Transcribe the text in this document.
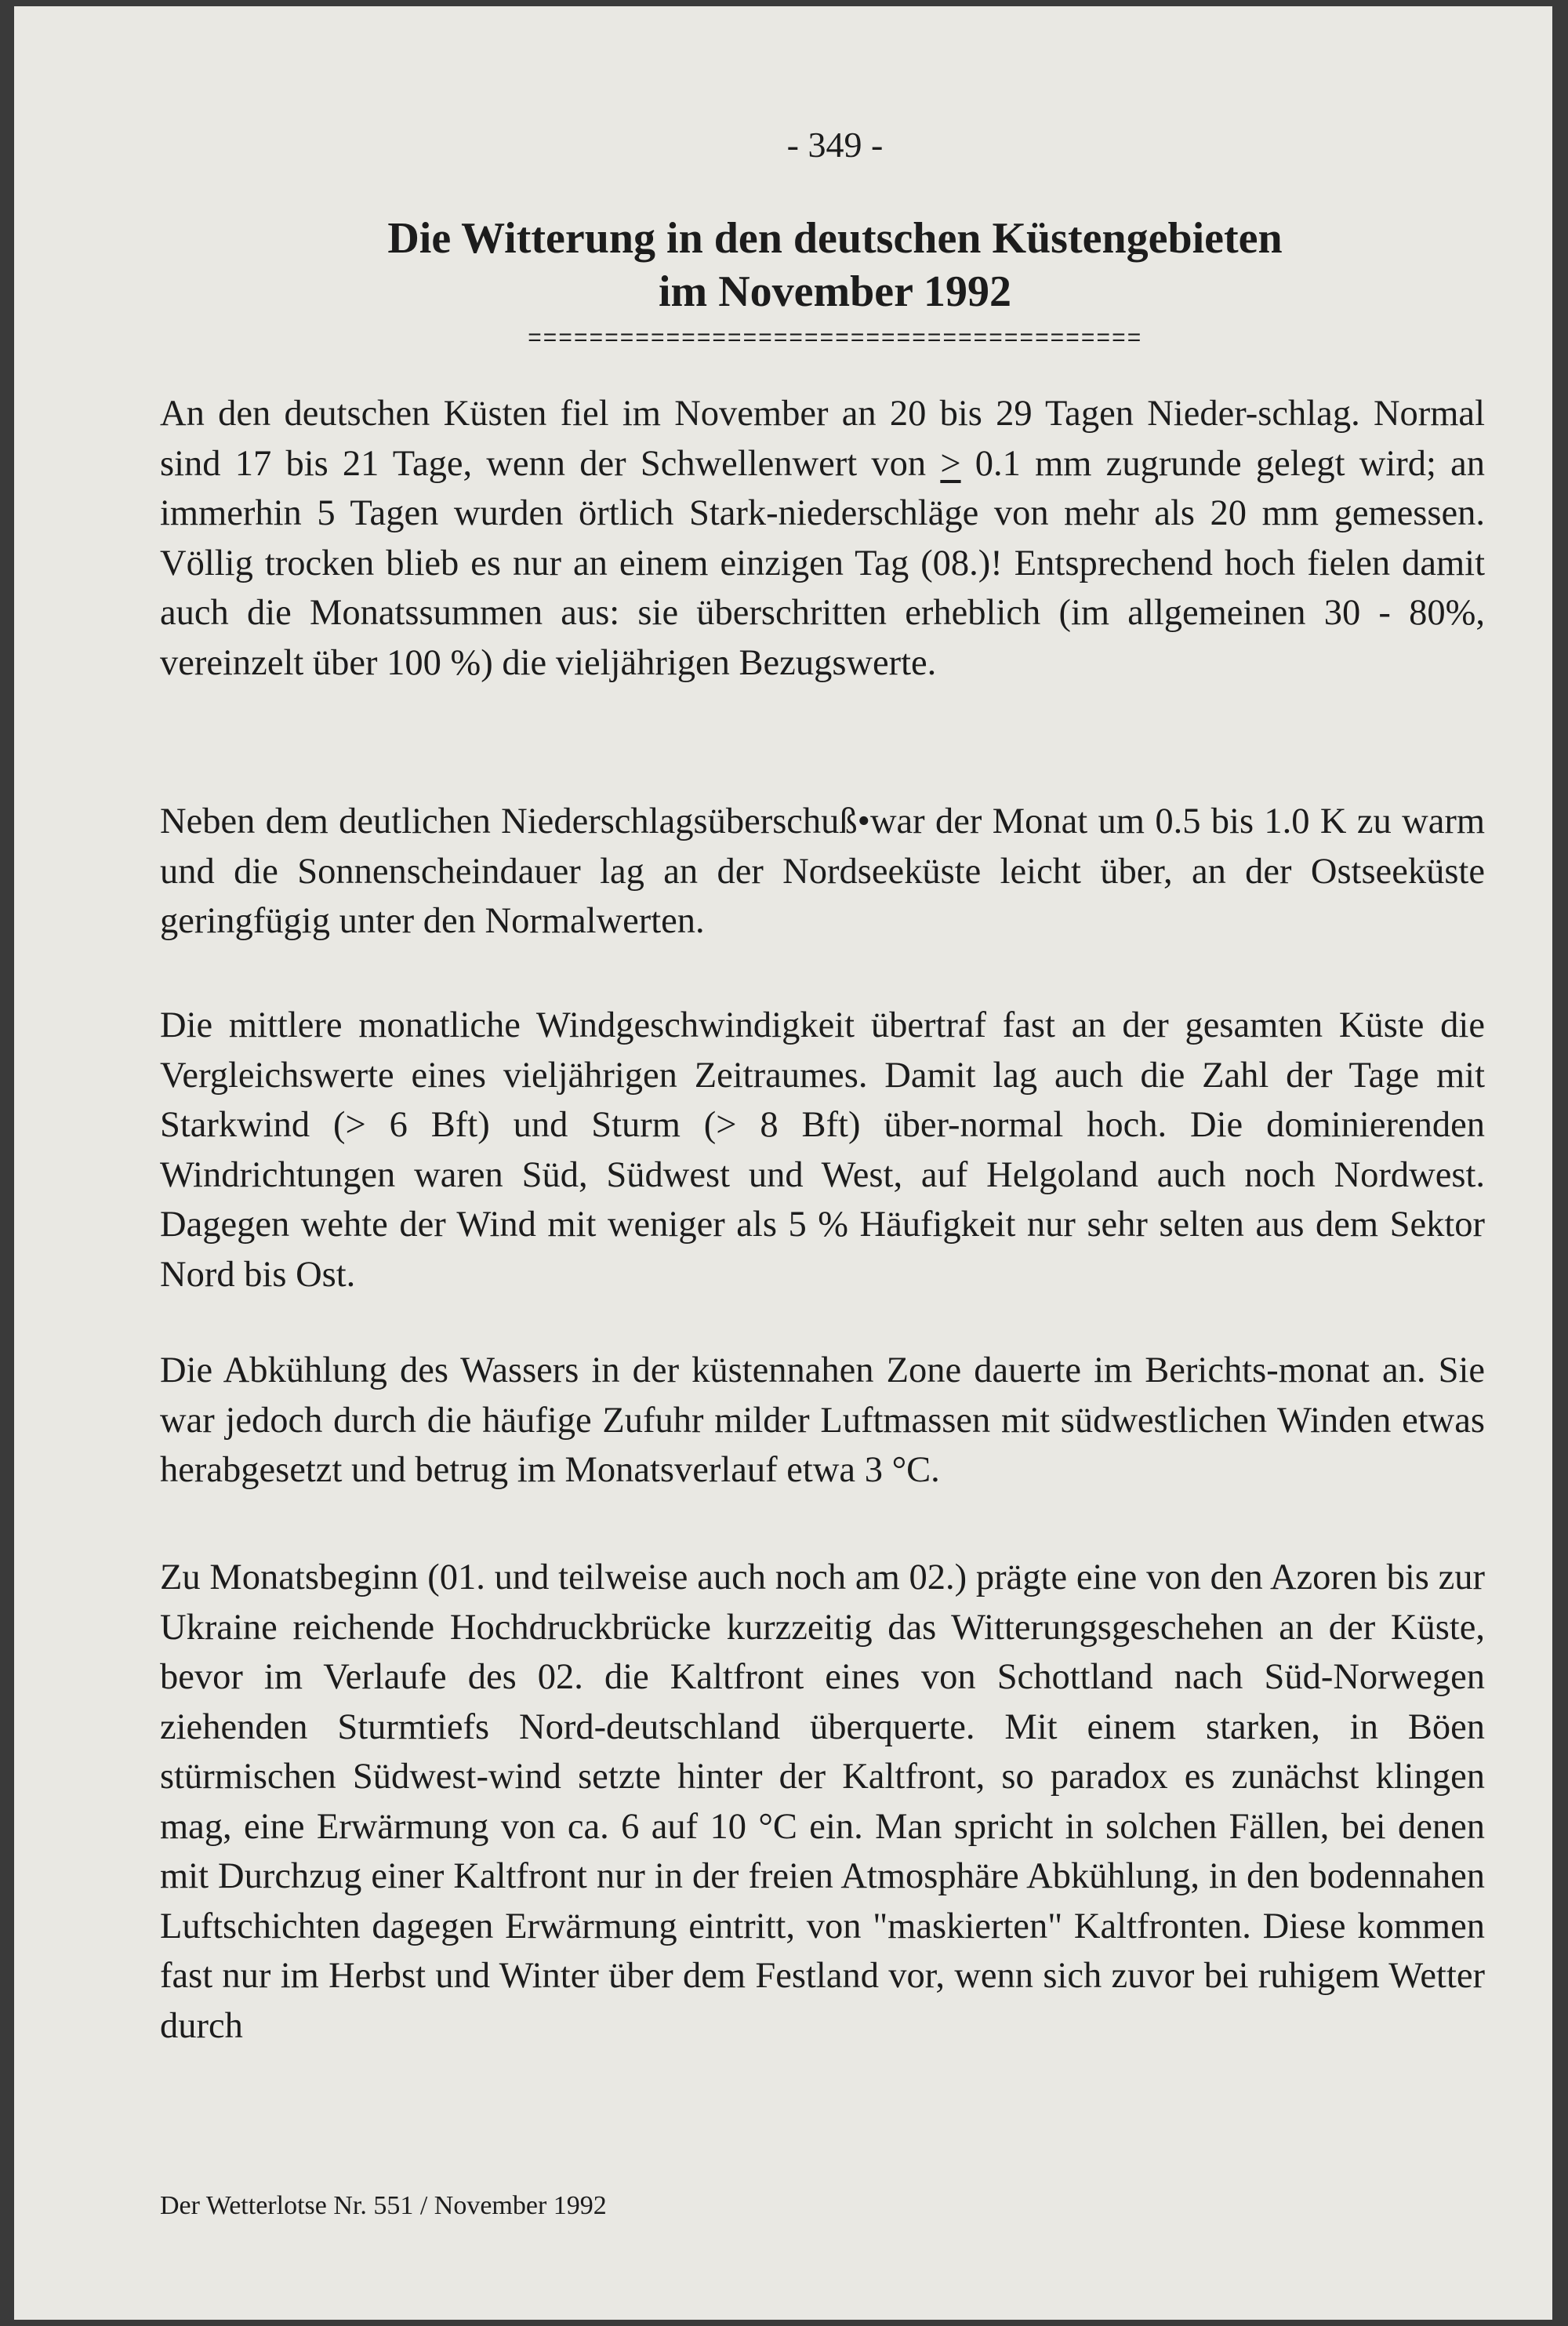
- 349 -
Die Witterung in den deutschen Küstengebieten
im November 1992
========================================
An den deutschen Küsten fiel im November an 20 bis 29 Tagen Nieder-schlag. Normal sind 17 bis 21 Tage, wenn der Schwellenwert von ≥ 0.1 mm zugrunde gelegt wird; an immerhin 5 Tagen wurden örtlich Stark-niederschläge von mehr als 20 mm gemessen. Völlig trocken blieb es nur an einem einzigen Tag (08.)! Entsprechend hoch fielen damit auch die Monatssummen aus: sie überschritten erheblich (im allgemeinen 30 - 80%, vereinzelt über 100 %) die vieljährigen Bezugswerte.
Neben dem deutlichen Niederschlagsüberschuß•war der Monat um 0.5 bis 1.0 K zu warm und die Sonnenscheindauer lag an der Nordseeküste leicht über, an der Ostseeküste geringfügig unter den Normalwerten.
Die mittlere monatliche Windgeschwindigkeit übertraf fast an der gesamten Küste die Vergleichswerte eines vieljährigen Zeitraumes. Damit lag auch die Zahl der Tage mit Starkwind (> 6 Bft) und Sturm (> 8 Bft) über-normal hoch. Die dominierenden Windrichtungen waren Süd, Südwest und West, auf Helgoland auch noch Nordwest. Dagegen wehte der Wind mit weniger als 5 % Häufigkeit nur sehr selten aus dem Sektor Nord bis Ost.
Die Abkühlung des Wassers in der küstennahen Zone dauerte im Berichts-monat an. Sie war jedoch durch die häufige Zufuhr milder Luftmassen mit südwestlichen Winden etwas herabgesetzt und betrug im Monatsverlauf etwa 3 °C.
Zu Monatsbeginn (01. und teilweise auch noch am 02.) prägte eine von den Azoren bis zur Ukraine reichende Hochdruckbrücke kurzzeitig das Witterungsgeschehen an der Küste, bevor im Verlaufe des 02. die Kaltfront eines von Schottland nach Süd-Norwegen ziehenden Sturmtiefs Nord-deutschland überquerte. Mit einem starken, in Böen stürmischen Südwest-wind setzte hinter der Kaltfront, so paradox es zunächst klingen mag, eine Erwärmung von ca. 6 auf 10 °C ein. Man spricht in solchen Fällen, bei denen mit Durchzug einer Kaltfront nur in der freien Atmosphäre Abkühlung, in den bodennahen Luftschichten dagegen Erwärmung eintritt, von "maskierten" Kaltfronten. Diese kommen fast nur im Herbst und Winter über dem Festland vor, wenn sich zuvor bei ruhigem Wetter durch
Der Wetterlotse Nr. 551 / November 1992
